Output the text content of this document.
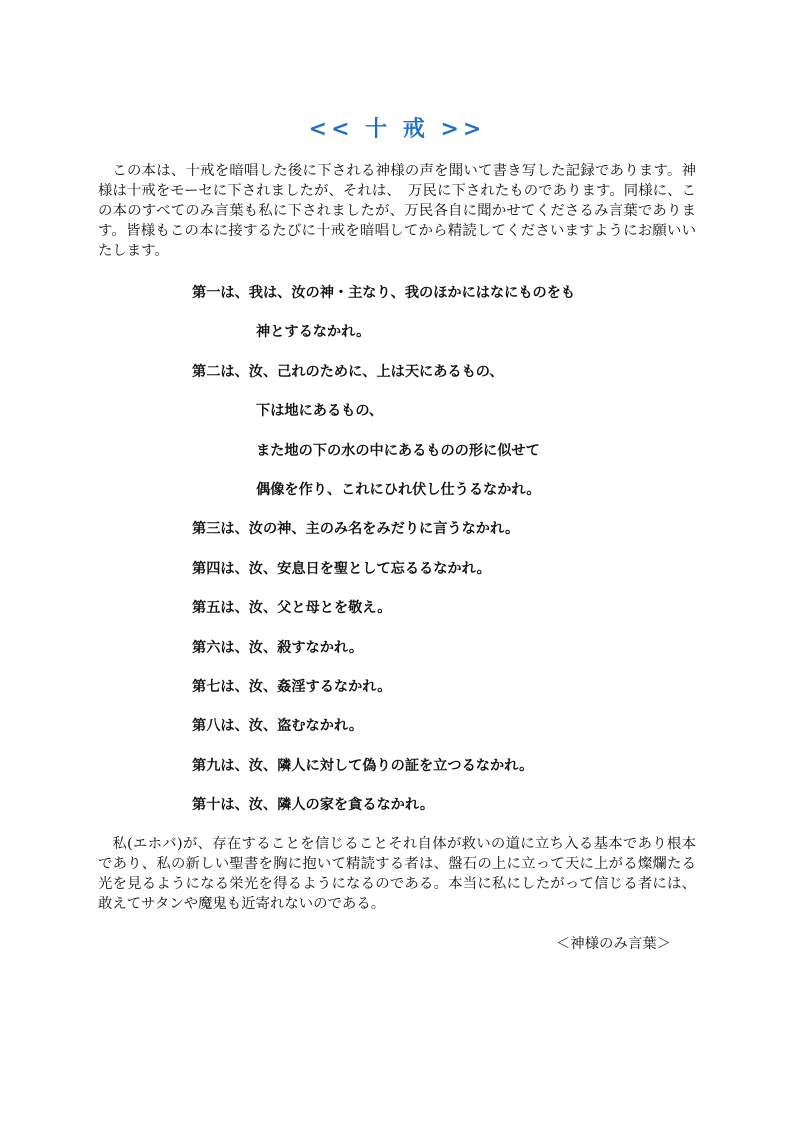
<< 十 戒 >>

この本は、十戒を暗唱した後に下される神様の声を聞いて書き写した記録であります。神様は十戒をモーセに下されましたが、それは、　万民に下されたものであります。同様に、この本のすべてのみ言葉も私に下されましたが、万民各自に聞かせてくださるみ言葉であります。皆様もこの本に接するたびに十戒を暗唱してから精読してくださいますようにお願いいたします。

第一は、我は、汝の神・主なり、我のほかにはなにものをも
神とするなかれ。
第二は、汝、己れのために、上は天にあるもの、
下は地にあるもの、
また地の下の水の中にあるものの形に似せて
偶像を作り、これにひれ伏し仕うるなかれ。
第三は、汝の神、主のみ名をみだりに言うなかれ。
第四は、汝、安息日を聖として忘るるなかれ。
第五は、汝、父と母とを敬え。
第六は、汝、殺すなかれ。
第七は、汝、姦淫するなかれ。
第八は、汝、盗むなかれ。
第九は、汝、隣人に対して偽りの証を立つるなかれ。
第十は、汝、隣人の家を貪るなかれ。

私(エホバ)が、存在することを信じることそれ自体が救いの道に立ち入る基本であり根本であり、私の新しい聖書を胸に抱いて精読する者は、盤石の上に立って天に上がる燦爛たる光を見るようになる栄光を得るようになるのである。本当に私にしたがって信じる者には、敢えてサタンや魔鬼も近寄れないのである。

＜神様のみ言葉＞
